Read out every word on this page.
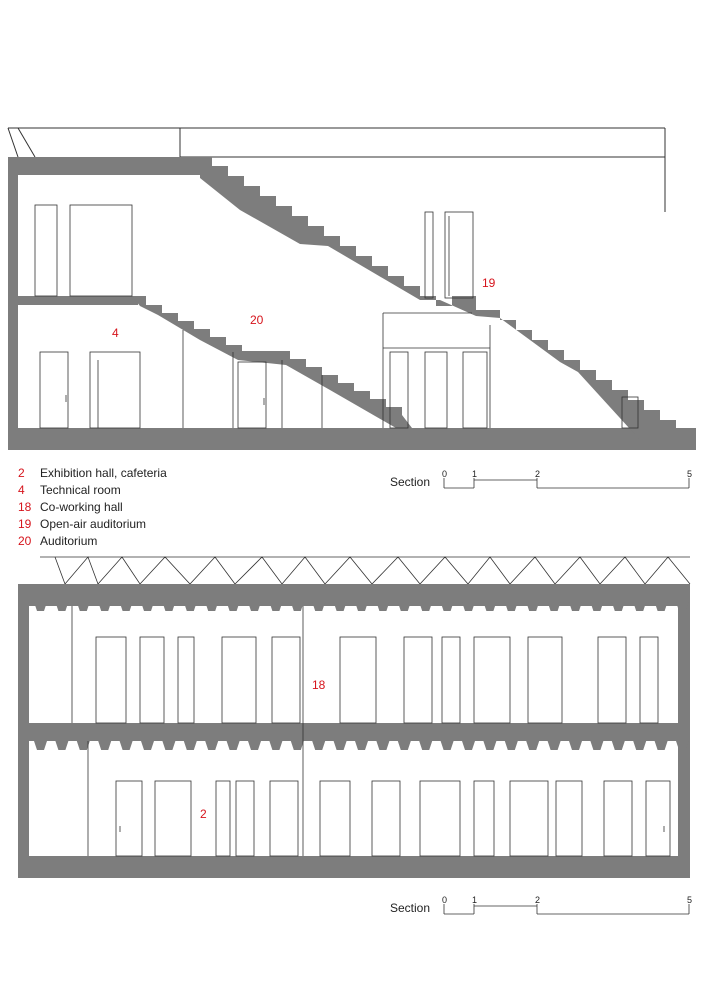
4
20
19
Section
0	1	2	5
18
2
Section
0	1	2	5
2 Exhibition hall, cafeteria
4 Technical room
18 Co-working hall
19 Open-air auditorium
20 Auditorium
